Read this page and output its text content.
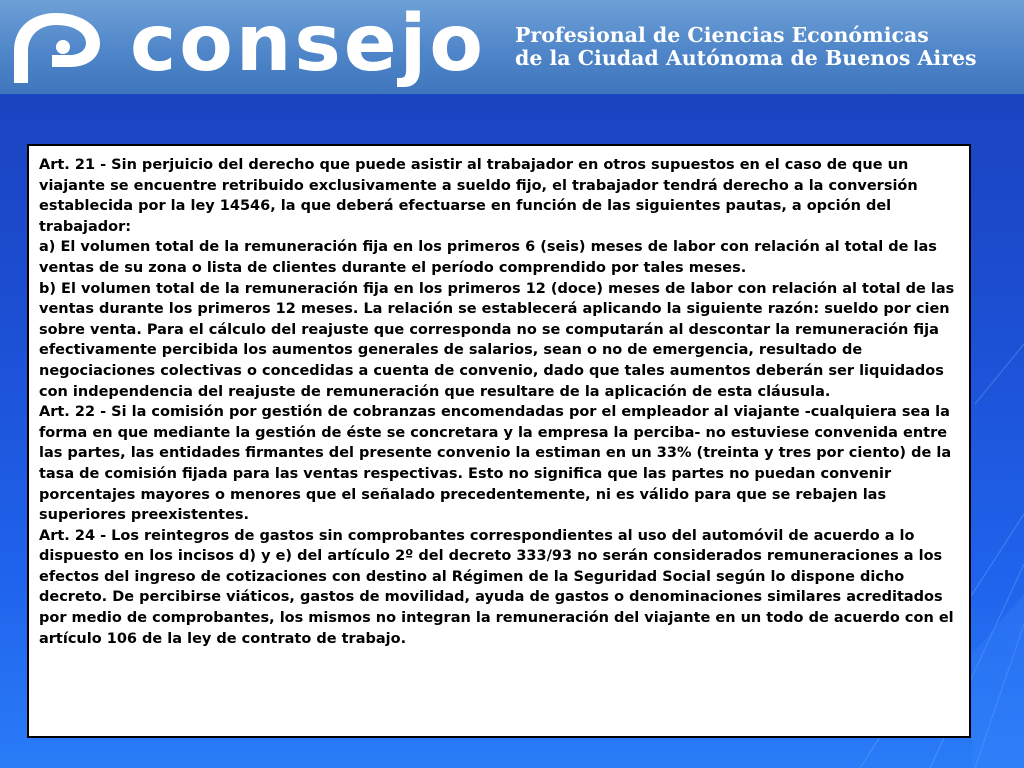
consejo Profesional de Ciencias Económicas
de la Ciudad Autónoma de Buenos Aires

Art. 21 - Sin perjuicio del derecho que puede asistir al trabajador en otros supuestos en el caso de que un viajante se encuentre retribuido exclusivamente a sueldo fijo, el trabajador tendrá derecho a la conversión establecida por la ley 14546, la que deberá efectuarse en función de las siguientes pautas, a opción del trabajador:

a) El volumen total de la remuneración fija en los primeros 6 (seis) meses de labor con relación al total de las ventas de su zona o lista de clientes durante el período comprendido por tales meses.

b) El volumen total de la remuneración fija en los primeros 12 (doce) meses de labor con relación al total de las ventas durante los primeros 12 meses. La relación se establecerá aplicando la siguiente razón: sueldo por cien sobre venta. Para el cálculo del reajuste que corresponda no se computarán al descontar la remuneración fija efectivamente percibida los aumentos generales de salarios, sean o no de emergencia, resultado de negociaciones colectivas o concedidas a cuenta de convenio, dado que tales aumentos deberán ser liquidados con independencia del reajuste de remuneración que resultare de la aplicación de esta cláusula.

Art. 22 - Si la comisión por gestión de cobranzas encomendadas por el empleador al viajante -cualquiera sea la forma en que mediante la gestión de éste se concretara y la empresa la perciba- no estuviese convenida entre las partes, las entidades firmantes del presente convenio la estiman en un 33% (treinta y tres por ciento) de la tasa de comisión fijada para las ventas respectivas. Esto no significa que las partes no puedan convenir porcentajes mayores o menores que el señalado precedentemente, ni es válido para que se rebajen las superiores preexistentes.

Art. 24 - Los reintegros de gastos sin comprobantes correspondientes al uso del automóvil de acuerdo a lo dispuesto en los incisos d) y e) del artículo 2º del decreto 333/93 no serán considerados remuneraciones a los efectos del ingreso de cotizaciones con destino al Régimen de la Seguridad Social según lo dispone dicho decreto. De percibirse viáticos, gastos de movilidad, ayuda de gastos o denominaciones similares acreditados por medio de comprobantes, los mismos no integran la remuneración del viajante en un todo de acuerdo con el artículo 106 de la ley de contrato de trabajo.
